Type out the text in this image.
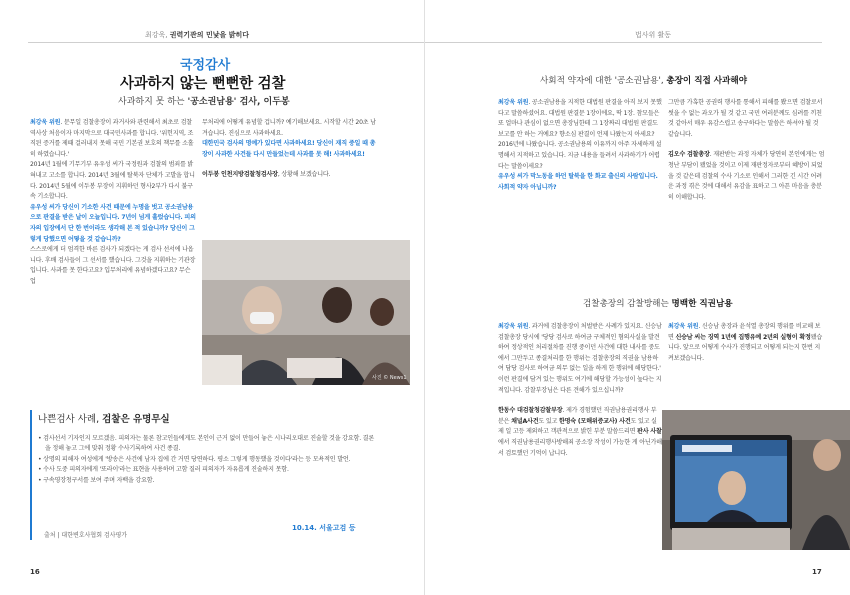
최강욱, 권력기관의 민낯을 밝히다
국정감사
사과하지 않는 뻔뻔한 검찰
사과하지 못 하는 '공소권남용' 검사, 이두봉

최강욱 위원. 문무일 검찰총장이 과거사와 관련해서 최초로 검찰 역사상 처음이자 마지막으로 대국민사과를 합니다. '위헌지역, 조직된 증거를 제때 걸러내지 못해 국민 기본권 보호의 책무를 소홀히 하였습니다.'

2014년 1월에 기무기부 유우성 씨가 국정원과 검찰의 범죄를 밝혀내고 고소를 합니다. 2014년 3월에 탈북자 단체가 고발을 합니다. 2014년 5월에 이두봉 부장이 지휘하던 형사2부가 다시 불구속 기소합니다.

유우성 씨가 당신이 기소한 사건 때문에 누명을 벗고 공소권남용으로 판결을 받은 날이 오늘입니다. 7년이 넘게 흘렀습니다. 피의자의 입장에서 단 한 번이라도 생각해 본 적 있습니까? 당신이 그렇게 당했으면 어떻을 것 같습니까?

스스로에게 더 엄격한 바른 검사가 되겠다는 게 검사 선서에 나옵니다. 후배 검사들이 그 선서를 했습니다. 그것을 지휘하는 기관장입니다. 사과를 못 한다고요? 입무처리에 유념하겠다고요? 무슨 업

무처리에 어떻게 유념할 겁니까? 예기해보세요. 시작할 시간 20초 남겨습니다. 진심으로 사과하세요.

대한민국 검사의 명예가 있다면 사과하세요! 당신이 재직 중일 때 총장이 사과한 사건들 다시 만들었는데 사과를 못 해! 사과하세요!

이두봉 인천지방검찰청검사장, 상황해 보겠습니다.

사진 © News1
나쁜검사 사례, 검찰은 유명무실
• 검사선서 기자인지 모르겠음. 피의자는 물론 참고인들에게도 본인이 근거 없이 만들어 놓은 시나리오대로 진술할 것을 강요함. 결론을 정해 놓고 그에 맞춰 정황 수사기록하여 사건 종결.
• 상명의 피해자 여성에게 '방송은 사건에 남자 집에 간 거면 당연하다. 평소 그렇게 행동했을 것이다'라는 등 모욕적인 발언.
• 수사 도중 피의자에게 '또라이'라는 표현을 사용하며 고함 질러 피의자가 자유롭게 진술하지 못함.
• 구속영장청구서를 보여 주며 자백을 강요함.
출처 | 대한변호사협회 검사평가
10.14. 서울고검 등
16
법사위 활동
사회적 약자에 대한 '공소권남용', 총장이 직접 사과해야

최강욱 위원. 공소권남용을 지적한 대법원 판결을 아직 보지 못했다고 말씀하셨어요. 대법원 판결문 1장이에요, 딱 1장. 참모들은 또 얼마나 관심이 없으면 총장님한테 그 1장짜리 대법원 판결도 보고를 안 하는 거예요? 향소심 판결이 언제 나왔는지 아세요? 2016년에 나왔습니다. 공소권남용의 이유까지 아주 자세하게 설명해서 지적하고 있습니다. 지금 내용을 들려서 사과하기가 어렵다는 말씀이세요?

유우성 씨가 막노동을 하던 탈북을 한 화교 출신의 사람입니다. 사회적 약자 아닙니까?

그만큼 가혹한 공권력 행사를 통해서 피해를 봤으면 검찰로서 썻을 수 없는 과오가 될 것 같고 국민 여러분께도 심려를 끼친 것 같아서 매우 유감스럽고 송구하다는 말씀은 하셔야 될 것 같습니다.

김오수 검찰총장. 재판받는 과정 자체가 당연히 본인에게는 엄청난 부담이 됐었을 것이고 이제 재판정자로부터 혜방이 되었을 것 같은데 검찰의 수사 기소로 인해서 그러한 긴 시간 어려운 과정 겪은 것에 대해서 유감을 표하고 그 아픈 마음을 충분히 이해합니다.

검찰총장의 감찰방해는 명백한 직권남용

최강욱 위원. 과거에 검찰총장이 처벌받은 사례가 있지요. 신승남 검찰총장 당시에 '당당 검사로 하여금 구체적인 혐의사실을 발견하여 정상적인 처리절차를 진행 중이던 사건에 대한 내사를 중도에서 그만두고 종결처리를 한 행위는 검찰총장의 직권을 남용하여 담당 검사로 하여금 의무 없는 일을 하게 한 행위에 해당한다.' 이런 판결에 담겨 있는 행위도 여기에 해당할 가능성이 높다는 지적입니다. 감찰부장님은 다른 견해가 있으십니까?

한동수 대검찰청감찰부장. 제가 경험했던 직권남용권리행사 부분은 채널A사건도 있고 한명숙 (모해위증교사) 사건도 있고 실제 일 고등 제외하고 객관적으로 밝힌 부분 말씀드리면 판사 사찰에서 직권남용권리행사방해죄 공소장 작성이 가능한 게 아닌가해서 검토했던 기억이 납니다.

최강욱 위원. 신승남 총장과 윤석열 총장의 행위를 비교해 보면 신승남 씨는 징역 1년에 집행유예 2년의 실형이 확정됐습니다. 앞으로 어떻게 수사가 진행되고 어떻게 되는지 한번 지켜보겠습니다.

17
